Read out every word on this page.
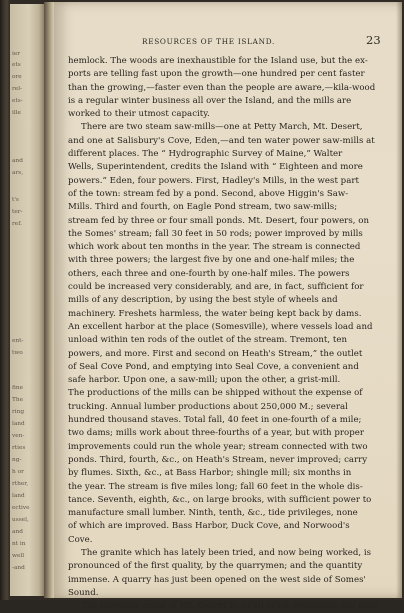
ier
ets
ore
rel-
ets-
ille
and
ars,
t's
ter-
ref.
ent-
two
fine
The
ring
land
ven-
rties
ng-
h or
rther,
land
ective
ussel,
and
nt in
well
-and
RESOURCES OF THE ISLAND.	23
hemlock. The woods are inexhaustible for the Island use, but the ex-
ports are telling fast upon the growth—one hundred per cent faster
than the growing,—faster even than the people are aware,—kila-wood
is a regular winter business all over the Island, and the mills are
worked to their utmost capacity.
There are two steam saw-mills—one at Petty March, Mt. Desert,
and one at Salisbury's Cove, Eden,—and ten water power saw-mills at
different places. The “ Hydrographic Survey of Maine,” Walter
Wells, Superintendent, credits the Island with “ Eighteen and more
powers.” Eden, four powers. First, Hadley's Mills, in the west part
of the town: stream fed by a pond. Second, above Higgin's Saw-
Mills. Third and fourth, on Eagle Pond stream, two saw-mills;
stream fed by three or four small ponds. Mt. Desert, four powers, on
the Somes' stream; fall 30 feet in 50 rods; power improved by mills
which work about ten months in the year. The stream is connected
with three powers; the largest five by one and one-half miles; the
others, each three and one-fourth by one-half miles. The powers
could be increased very considerably, and are, in fact, sufficient for
mills of any description, by using the best style of wheels and
machinery. Freshets harmless, the water being kept back by dams.
An excellent harbor at the place (Somesville), where vessels load and
unload within ten rods of the outlet of the stream. Tremont, ten
powers, and more. First and second on Heath's Stream,” the outlet
of Seal Cove Pond, and emptying into Seal Cove, a convenient and
safe harbor. Upon one, a saw-mill; upon the other, a grist-mill.
The productions of the mills can be shipped without the expense of
trucking. Annual lumber productions about 250,000 M.; several
hundred thousand staves. Total fall, 40 feet in one-fourth of a mile;
two dams; mills work about three-fourths of a year, but with proper
improvements could run the whole year; stream connected with two
ponds. Third, fourth, &c., on Heath's Stream, never improved; carry
by flumes. Sixth, &c., at Bass Harbor; shingle mill; six months in
the year. The stream is five miles long; fall 60 feet in the whole dis-
tance. Seventh, eighth, &c., on large brooks, with sufficient power to
manufacture small lumber. Ninth, tenth, &c., tide privileges, none
of which are improved. Bass Harbor, Duck Cove, and Norwood's
Cove.
The granite which has lately been tried, and now being worked, is
pronounced of the first quality, by the quarrymen; and the quantity
immense. A quarry has just been opened on the west side of Somes'
Sound.
The maritime coast of Mt. Desert is, of all other resources, the most
